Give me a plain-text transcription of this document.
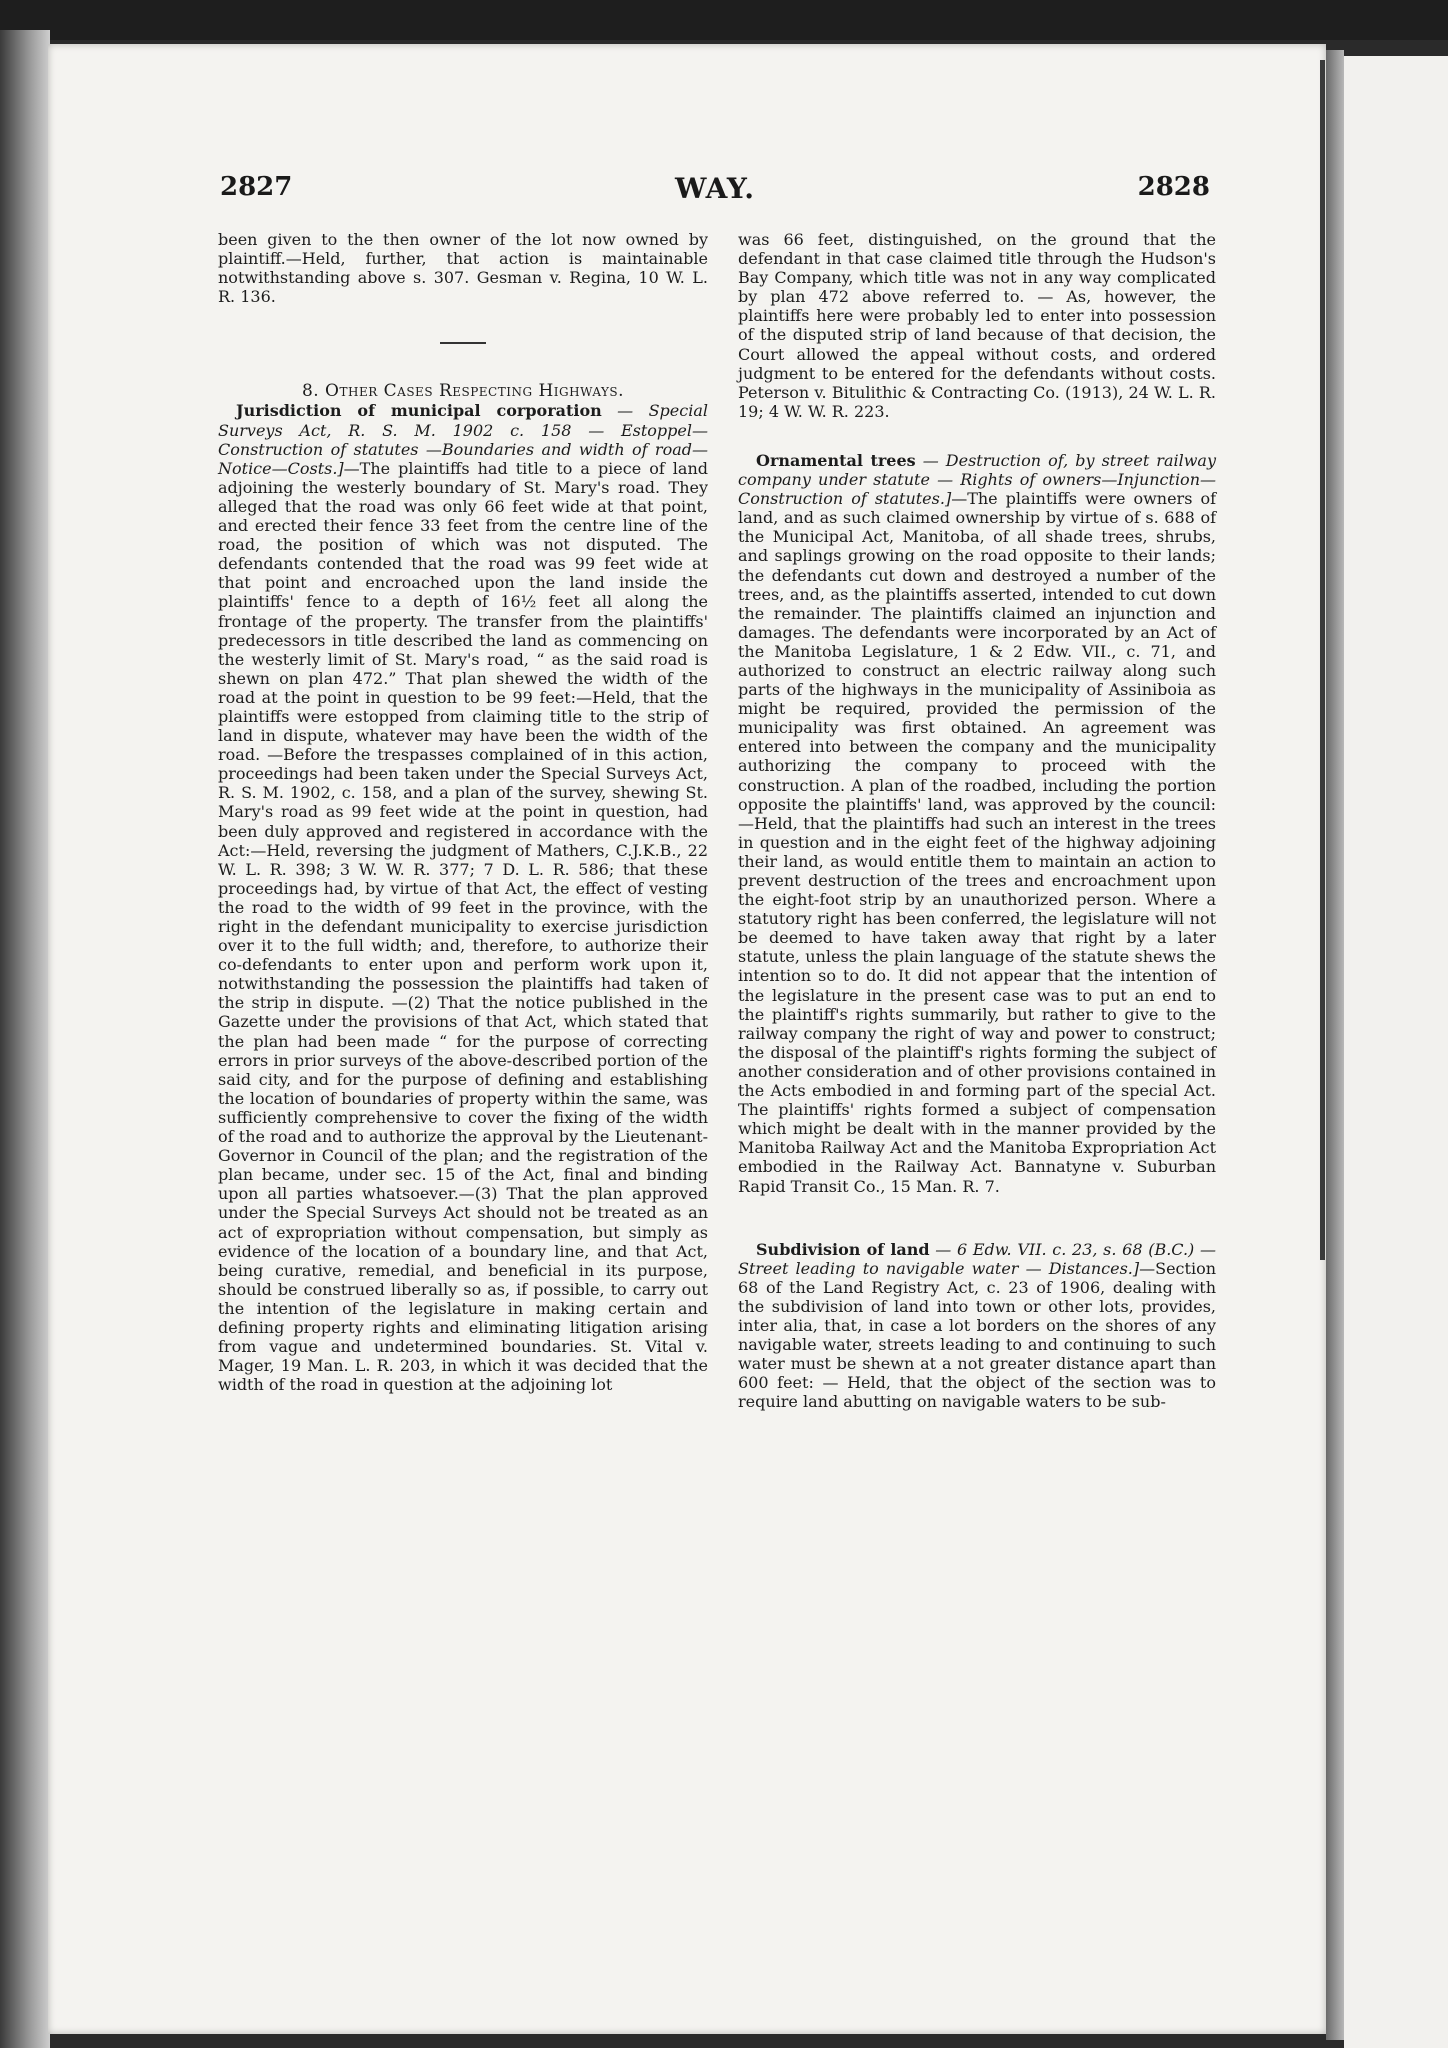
2827	WAY.	2828

been given to the then owner of the lot now owned by plaintiff.—Held, further, that action is maintainable notwithstanding above s. 307. Gesman v. Regina, 10 W. L. R. 136.

8. Other Cases Respecting Highways.

Jurisdiction of municipal corporation — Special Surveys Act, R. S. M. 1902 c. 158 — Estoppel—Construction of statutes —Boundaries and width of road—Notice—Costs.]—The plaintiffs had title to a piece of land adjoining the westerly boundary of St. Mary's road. They alleged that the road was only 66 feet wide at that point, and erected their fence 33 feet from the centre line of the road, the position of which was not disputed. The defendants contended that the road was 99 feet wide at that point and encroached upon the land inside the plaintiffs' fence to a depth of 16½ feet all along the frontage of the property. The transfer from the plaintiffs' predecessors in title described the land as commencing on the westerly limit of St. Mary's road, “ as the said road is shewn on plan 472.” That plan shewed the width of the road at the point in question to be 99 feet:—Held, that the plaintiffs were estopped from claiming title to the strip of land in dispute, whatever may have been the width of the road. —Before the trespasses complained of in this action, proceedings had been taken under the Special Surveys Act, R. S. M. 1902, c. 158, and a plan of the survey, shewing St. Mary's road as 99 feet wide at the point in question, had been duly approved and registered in accordance with the Act:—Held, reversing the judgment of Mathers, C.J.K.B., 22 W. L. R. 398; 3 W. W. R. 377; 7 D. L. R. 586; that these proceedings had, by virtue of that Act, the effect of vesting the road to the width of 99 feet in the province, with the right in the defendant municipality to exercise jurisdiction over it to the full width; and, therefore, to authorize their co-defendants to enter upon and perform work upon it, notwithstanding the possession the plaintiffs had taken of the strip in dispute. —(2) That the notice published in the Gazette under the provisions of that Act, which stated that the plan had been made “ for the purpose of correcting errors in prior surveys of the above-described portion of the said city, and for the purpose of defining and establishing the location of boundaries of property within the same, was sufficiently comprehensive to cover the fixing of the width of the road and to authorize the approval by the Lieutenant-Governor in Council of the plan; and the registration of the plan became, under sec. 15 of the Act, final and binding upon all parties whatsoever.—(3) That the plan approved under the Special Surveys Act should not be treated as an act of expropriation without compensation, but simply as evidence of the location of a boundary line, and that Act, being curative, remedial, and beneficial in its purpose, should be construed liberally so as, if possible, to carry out the intention of the legislature in making certain and defining property rights and eliminating litigation arising from vague and undetermined boundaries. St. Vital v. Mager, 19 Man. L. R. 203, in which it was decided that the width of the road in question at the adjoining lot

was 66 feet, distinguished, on the ground that the defendant in that case claimed title through the Hudson's Bay Company, which title was not in any way complicated by plan 472 above referred to. — As, however, the plaintiffs here were probably led to enter into possession of the disputed strip of land because of that decision, the Court allowed the appeal without costs, and ordered judgment to be entered for the defendants without costs. Peterson v. Bitulithic & Contracting Co. (1913), 24 W. L. R. 19; 4 W. W. R. 223.

Ornamental trees — Destruction of, by street railway company under statute — Rights of owners—Injunction—Construction of statutes.]—The plaintiffs were owners of land, and as such claimed ownership by virtue of s. 688 of the Municipal Act, Manitoba, of all shade trees, shrubs, and saplings growing on the road opposite to their lands; the defendants cut down and destroyed a number of the trees, and, as the plaintiffs asserted, intended to cut down the remainder. The plaintiffs claimed an injunction and damages. The defendants were incorporated by an Act of the Manitoba Legislature, 1 & 2 Edw. VII., c. 71, and authorized to construct an electric railway along such parts of the highways in the municipality of Assiniboia as might be required, provided the permission of the municipality was first obtained. An agreement was entered into between the company and the municipality authorizing the company to proceed with the construction. A plan of the roadbed, including the portion opposite the plaintiffs' land, was approved by the council:—Held, that the plaintiffs had such an interest in the trees in question and in the eight feet of the highway adjoining their land, as would entitle them to maintain an action to prevent destruction of the trees and encroachment upon the eight-foot strip by an unauthorized person. Where a statutory right has been conferred, the legislature will not be deemed to have taken away that right by a later statute, unless the plain language of the statute shews the intention so to do. It did not appear that the intention of the legislature in the present case was to put an end to the plaintiff's rights summarily, but rather to give to the railway company the right of way and power to construct; the disposal of the plaintiff's rights forming the subject of another consideration and of other provisions contained in the Acts embodied in and forming part of the special Act. The plaintiffs' rights formed a subject of compensation which might be dealt with in the manner provided by the Manitoba Railway Act and the Manitoba Expropriation Act embodied in the Railway Act. Bannatyne v. Suburban Rapid Transit Co., 15 Man. R. 7.

Subdivision of land — 6 Edw. VII. c. 23, s. 68 (B.C.) — Street leading to navigable water — Distances.]—Section 68 of the Land Registry Act, c. 23 of 1906, dealing with the subdivision of land into town or other lots, provides, inter alia, that, in case a lot borders on the shores of any navigable water, streets leading to and continuing to such water must be shewn at a not greater distance apart than 600 feet: — Held, that the object of the section was to require land abutting on navigable waters to be sub-
